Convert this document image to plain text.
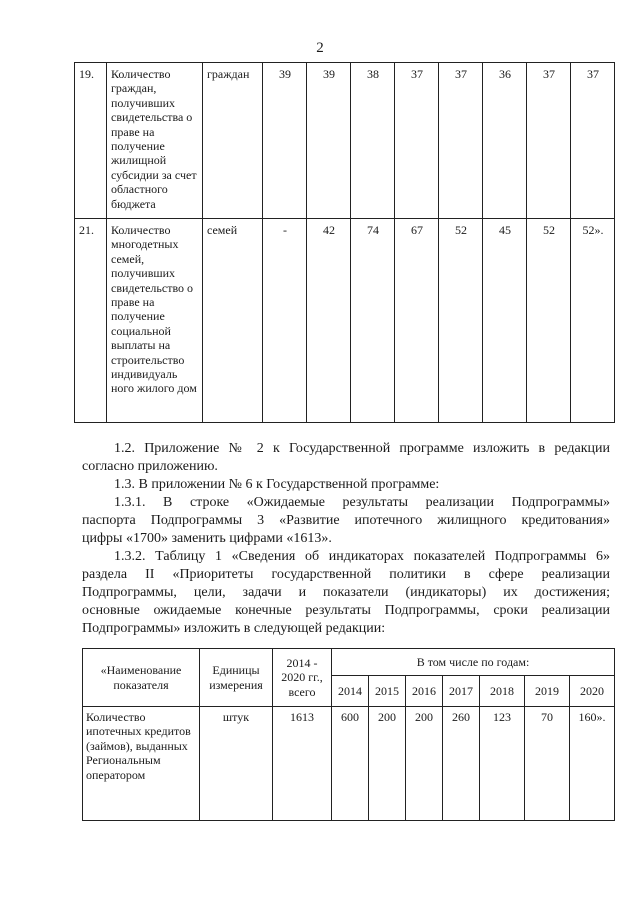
2
19.	Количество граждан, получивших свидетельства о праве на получение жилищной субсидии за счет областного бюджета	граждан	39	39	38	37	37	36	37	37
21.	Количество многодетных семей, получивших свидетельство о праве на получение социальной выплаты на строительство индивидуаль ного жилого дом	семей	-	42	74	67	52	45	52	52».
1.2. Приложение № 2 к Государственной программе изложить в редакции
согласно приложению.
1.3. В приложении № 6 к Государственной программе:
1.3.1. В строке «Ожидаемые результаты реализации Подпрограммы»
паспорта Подпрограммы 3 «Развитие ипотечного жилищного кредитования»
цифры «1700» заменить цифрами «1613».
1.3.2. Таблицу 1 «Сведения об индикаторах показателей Подпрограммы 6»
раздела II «Приоритеты государственной политики в сфере реализации
Подпрограммы, цели, задачи и показатели (индикаторы) их достижения;
основные ожидаемые конечные результаты Подпрограммы, сроки реализации
Подпрограммы» изложить в следующей редакции:
«Наименование показателя	Единицы измерения	2014 - 2020 гг., всего	В том числе по годам:						
			2014	2015	2016	2017	2018	2019	2020
Количество ипотечных кредитов (займов), выданных Региональным оператором	штук	1613	600	200	200	260	123	70	160».
